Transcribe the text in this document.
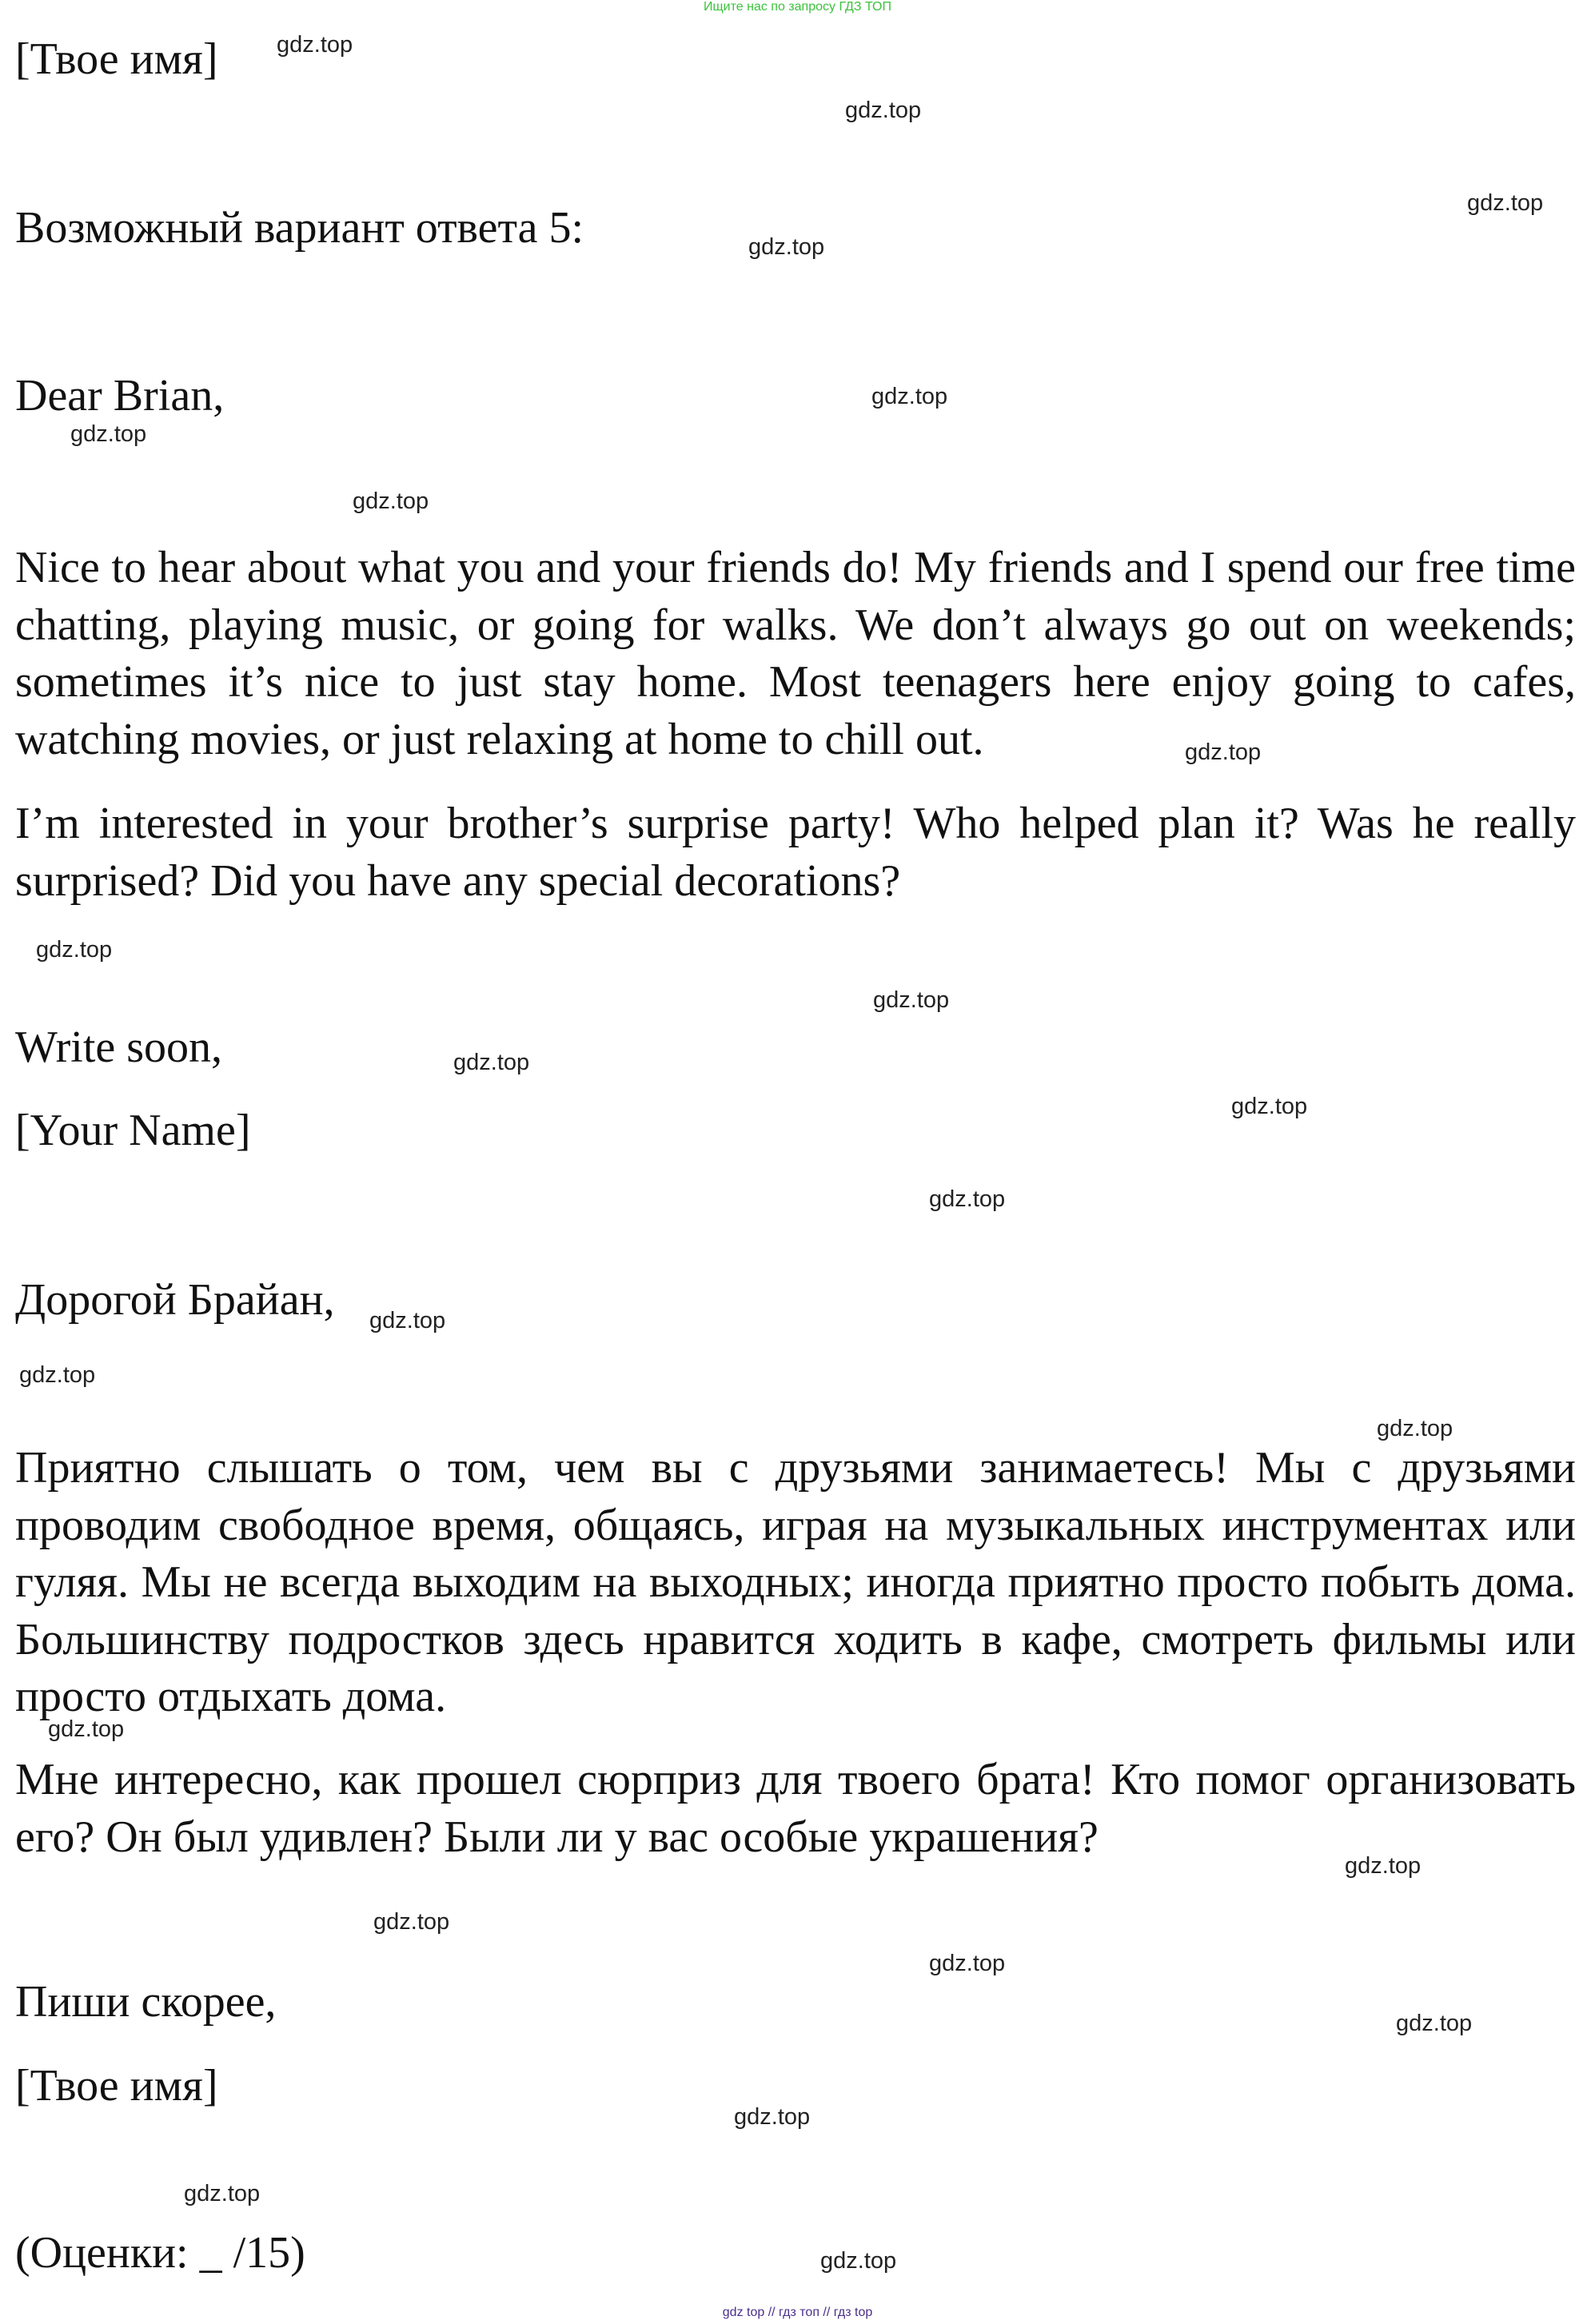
Ищите нас по запросу ГДЗ ТОП
[Твое имя]
Возможный вариант ответа 5:
Dear Brian,

Nice to hear about what you and your friends do! My friends and I spend our free time chatting, playing music, or going for walks. We don’t always go out on weekends; sometimes it’s nice to just stay home. Most teenagers here enjoy going to cafes, watching movies, or just relaxing at home to chill out.

I’m interested in your brother’s surprise party! Who helped plan it? Was he really surprised? Did you have any special decorations?

Write soon,
[Your Name]
Дорогой Брайан,

Приятно слышать о том, чем вы с друзьями занимаетесь! Мы с друзьями проводим свободное время, общаясь, играя на музыкальных инструментах или гуляя. Мы не всегда выходим на выходных; иногда приятно просто побыть дома. Большинству подростков здесь нравится ходить в кафе, смотреть фильмы или просто отдыхать дома.

Мне интересно, как прошел сюрприз для твоего брата! Кто помог организовать его? Он был удивлен? Были ли у вас особые украшения?

Пиши скорее,
[Твое имя]
(Оценки: _ /15)
gdz.top
gdz.top
gdz.top
gdz.top
gdz.top
gdz.top
gdz.top
gdz.top
gdz.top
gdz.top
gdz.top
gdz.top
gdz.top
gdz.top
gdz.top
gdz.top
gdz.top
gdz.top
gdz.top
gdz.top
gdz.top
gdz.top
gdz.top
gdz.top
gdz top // гдз топ // гдз top
